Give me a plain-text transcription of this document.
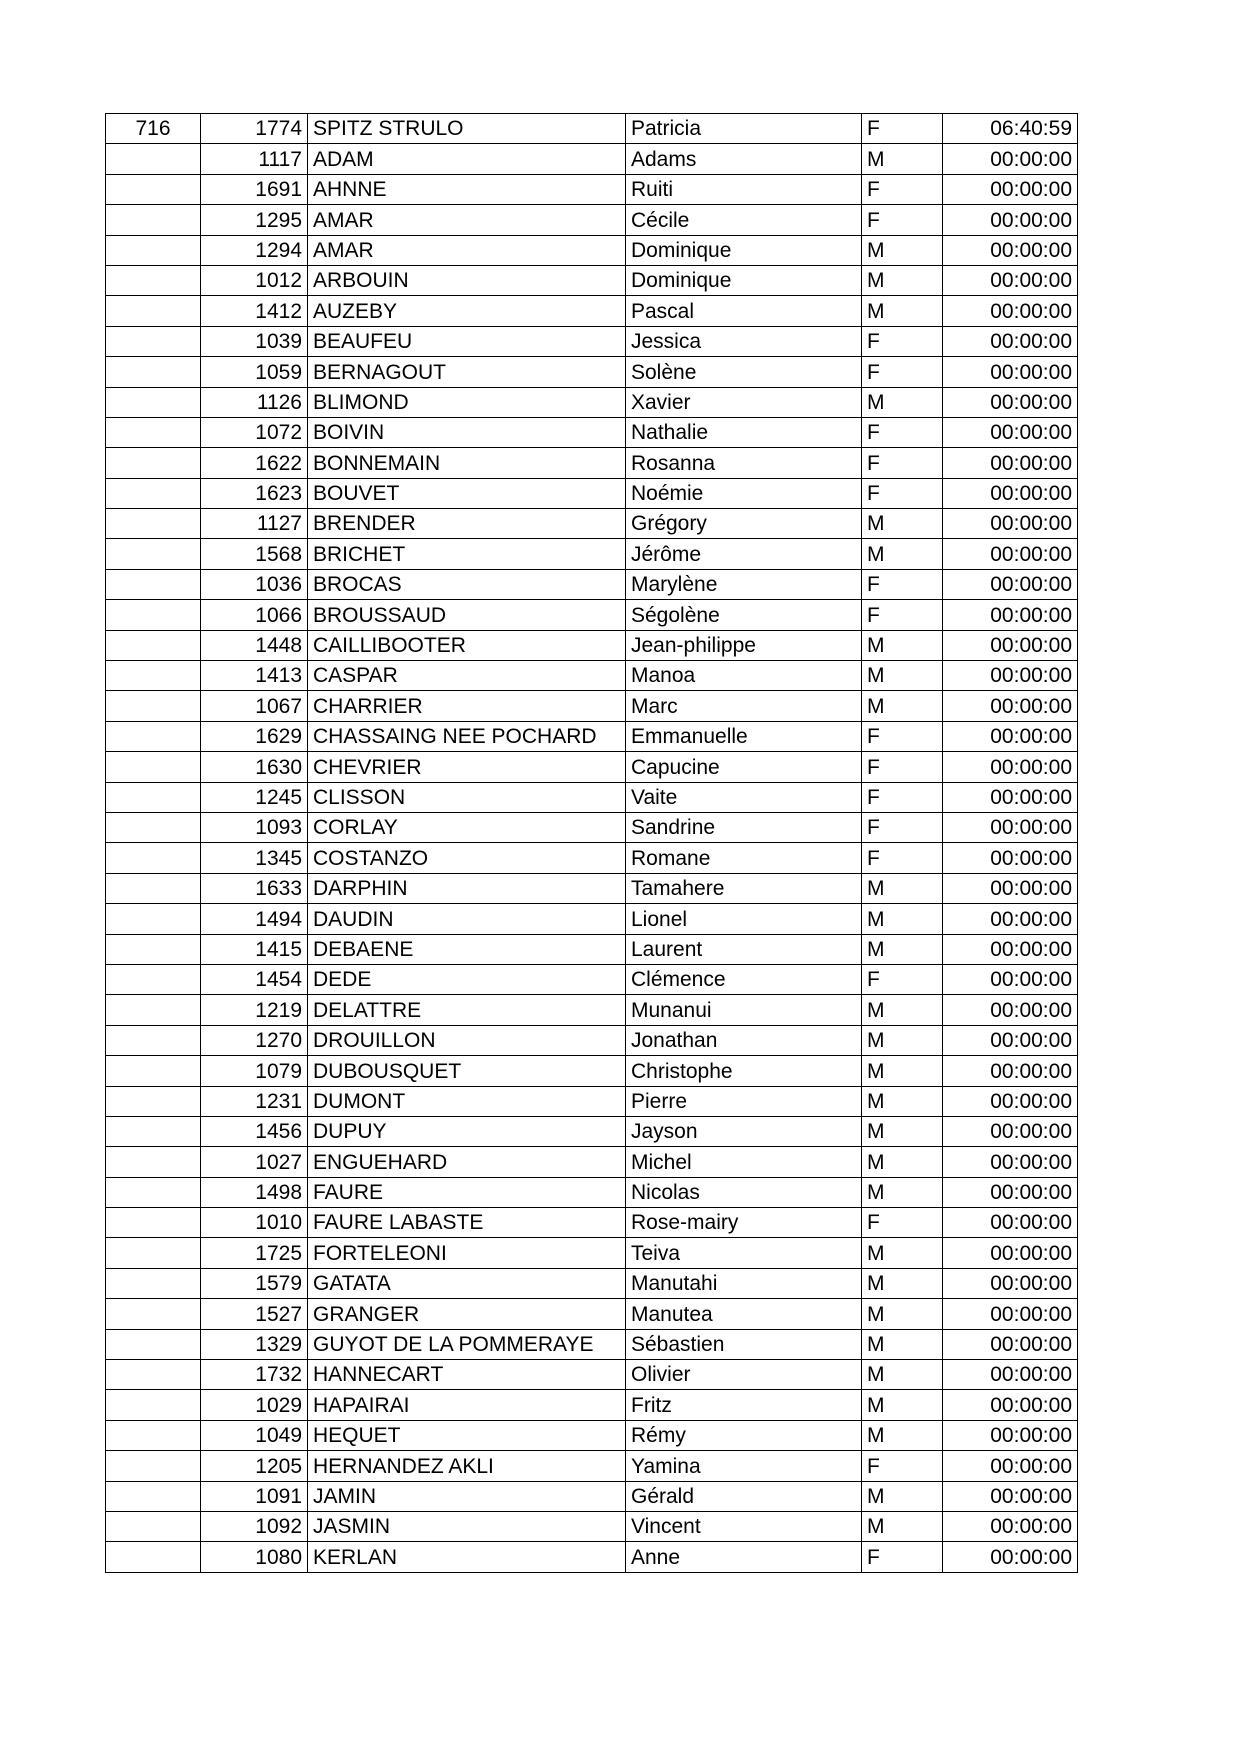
716	1774	SPITZ STRULO	Patricia	F	06:40:59
	1117	ADAM	Adams	M	00:00:00
	1691	AHNNE	Ruiti	F	00:00:00
	1295	AMAR	Cécile	F	00:00:00
	1294	AMAR	Dominique	M	00:00:00
	1012	ARBOUIN	Dominique	M	00:00:00
	1412	AUZEBY	Pascal	M	00:00:00
	1039	BEAUFEU	Jessica	F	00:00:00
	1059	BERNAGOUT	Solène	F	00:00:00
	1126	BLIMOND	Xavier	M	00:00:00
	1072	BOIVIN	Nathalie	F	00:00:00
	1622	BONNEMAIN	Rosanna	F	00:00:00
	1623	BOUVET	Noémie	F	00:00:00
	1127	BRENDER	Grégory	M	00:00:00
	1568	BRICHET	Jérôme	M	00:00:00
	1036	BROCAS	Marylène	F	00:00:00
	1066	BROUSSAUD	Ségolène	F	00:00:00
	1448	CAILLIBOOTER	Jean-philippe	M	00:00:00
	1413	CASPAR	Manoa	M	00:00:00
	1067	CHARRIER	Marc	M	00:00:00
	1629	CHASSAING NEE POCHARD	Emmanuelle	F	00:00:00
	1630	CHEVRIER	Capucine	F	00:00:00
	1245	CLISSON	Vaite	F	00:00:00
	1093	CORLAY	Sandrine	F	00:00:00
	1345	COSTANZO	Romane	F	00:00:00
	1633	DARPHIN	Tamahere	M	00:00:00
	1494	DAUDIN	Lionel	M	00:00:00
	1415	DEBAENE	Laurent	M	00:00:00
	1454	DEDE	Clémence	F	00:00:00
	1219	DELATTRE	Munanui	M	00:00:00
	1270	DROUILLON	Jonathan	M	00:00:00
	1079	DUBOUSQUET	Christophe	M	00:00:00
	1231	DUMONT	Pierre	M	00:00:00
	1456	DUPUY	Jayson	M	00:00:00
	1027	ENGUEHARD	Michel	M	00:00:00
	1498	FAURE	Nicolas	M	00:00:00
	1010	FAURE LABASTE	Rose-mairy	F	00:00:00
	1725	FORTELEONI	Teiva	M	00:00:00
	1579	GATATA	Manutahi	M	00:00:00
	1527	GRANGER	Manutea	M	00:00:00
	1329	GUYOT DE LA POMMERAYE	Sébastien	M	00:00:00
	1732	HANNECART	Olivier	M	00:00:00
	1029	HAPAIRAI	Fritz	M	00:00:00
	1049	HEQUET	Rémy	M	00:00:00
	1205	HERNANDEZ AKLI	Yamina	F	00:00:00
	1091	JAMIN	Gérald	M	00:00:00
	1092	JASMIN	Vincent	M	00:00:00
	1080	KERLAN	Anne	F	00:00:00
